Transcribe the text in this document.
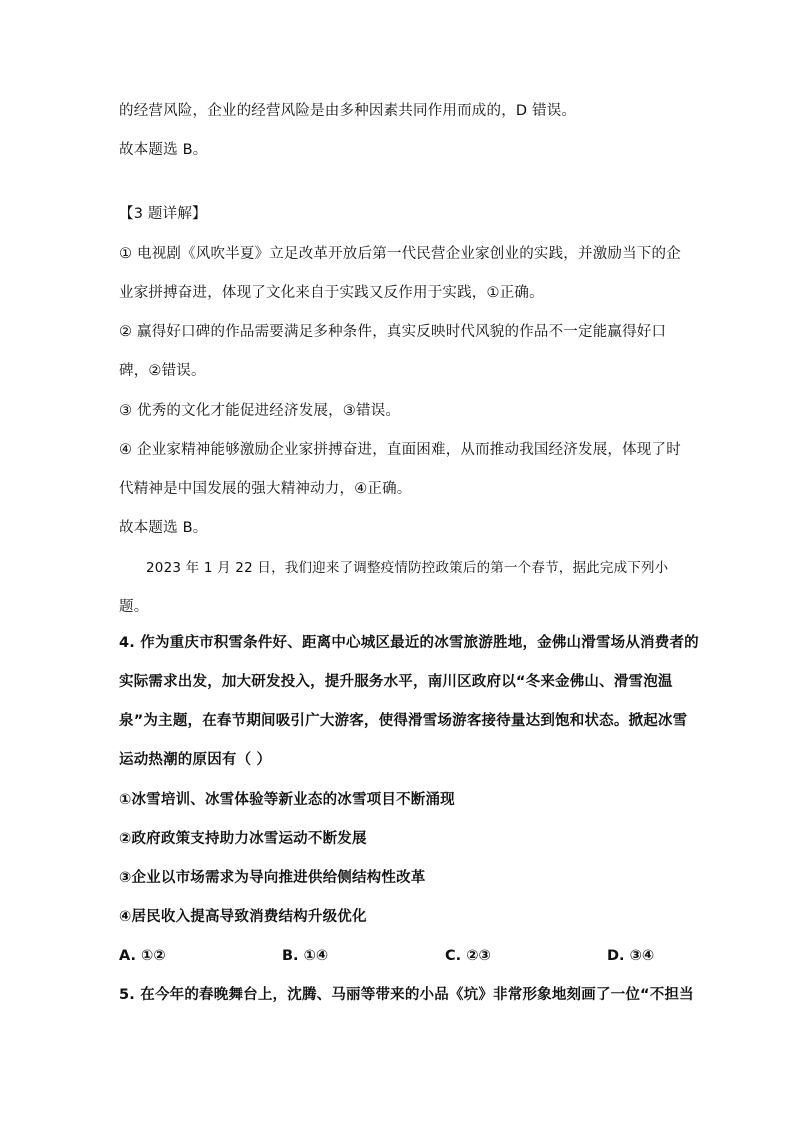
的经营风险，企业的经营风险是由多种因素共同作用而成的，D 错误。
故本题选 B。
【3 题详解】
① 电视剧《风吹半夏》立足改革开放后第一代民营企业家创业的实践，并激励当下的企
业家拼搏奋进，体现了文化来自于实践又反作用于实践，①正确。
② 赢得好口碑的作品需要满足多种条件，真实反映时代风貌的作品不一定能赢得好口
碑，②错误。
③ 优秀的文化才能促进经济发展，③错误。
④ 企业家精神能够激励企业家拼搏奋进，直面困难，从而推动我国经济发展，体现了时
代精神是中国发展的强大精神动力，④正确。
故本题选 B。
2023 年 1 月 22 日，我们迎来了调整疫情防控政策后的第一个春节，据此完成下列小
题。
4. 作为重庆市积雪条件好、距离中心城区最近的冰雪旅游胜地，金佛山滑雪场从消费者的
实际需求出发，加大研发投入，提升服务水平，南川区政府以“冬来金佛山、滑雪泡温
泉”为主题，在春节期间吸引广大游客，使得滑雪场游客接待量达到饱和状态。掀起冰雪
运动热潮的原因有（ ）
①冰雪培训、冰雪体验等新业态的冰雪项目不断涌现
②政府政策支持助力冰雪运动不断发展
③企业以市场需求为导向推进供给侧结构性改革
④居民收入提高导致消费结构升级优化
A. ①②	B. ①④	C. ②③	D. ③④
5. 在今年的春晚舞台上，沈腾、马丽等带来的小品《坑》非常形象地刻画了一位“不担当
